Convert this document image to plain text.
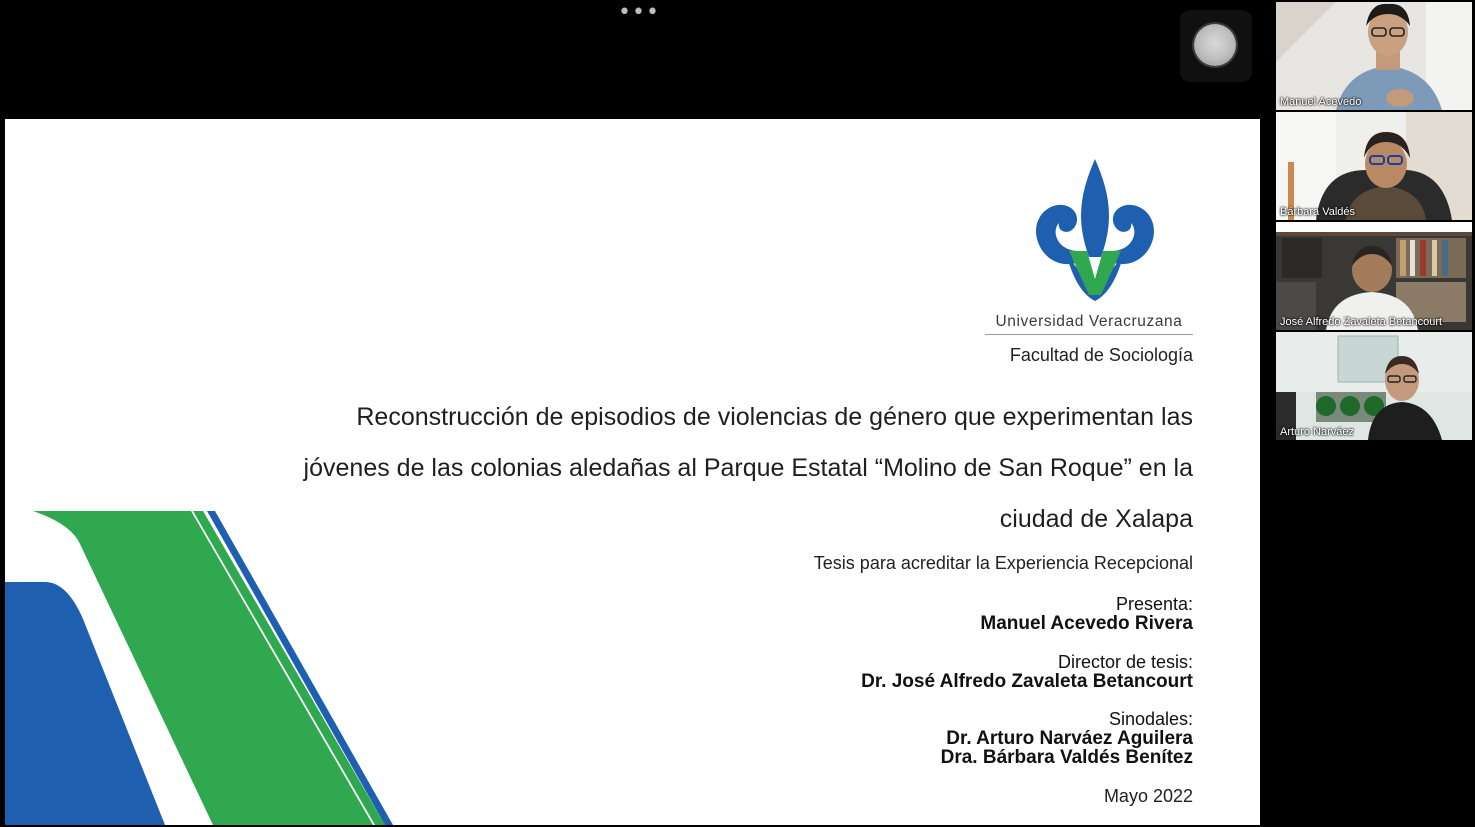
•••
Universidad Veracruzana
Facultad de Sociología
Reconstrucción de episodios de violencias de género que experimentan las
jóvenes de las colonias aledañas al Parque Estatal “Molino de San Roque” en la
ciudad de Xalapa
Tesis para acreditar la Experiencia Recepcional
Presenta:
Manuel Acevedo Rivera
Director de tesis:
Dr. José Alfredo Zavaleta Betancourt
Sinodales:
Dr. Arturo Narváez Aguilera
Dra. Bárbara Valdés Benítez
Mayo 2022
Manuel Acevedo
Bárbara Valdés
José Alfredo Zavaleta Betancourt
Arturo Narváez
